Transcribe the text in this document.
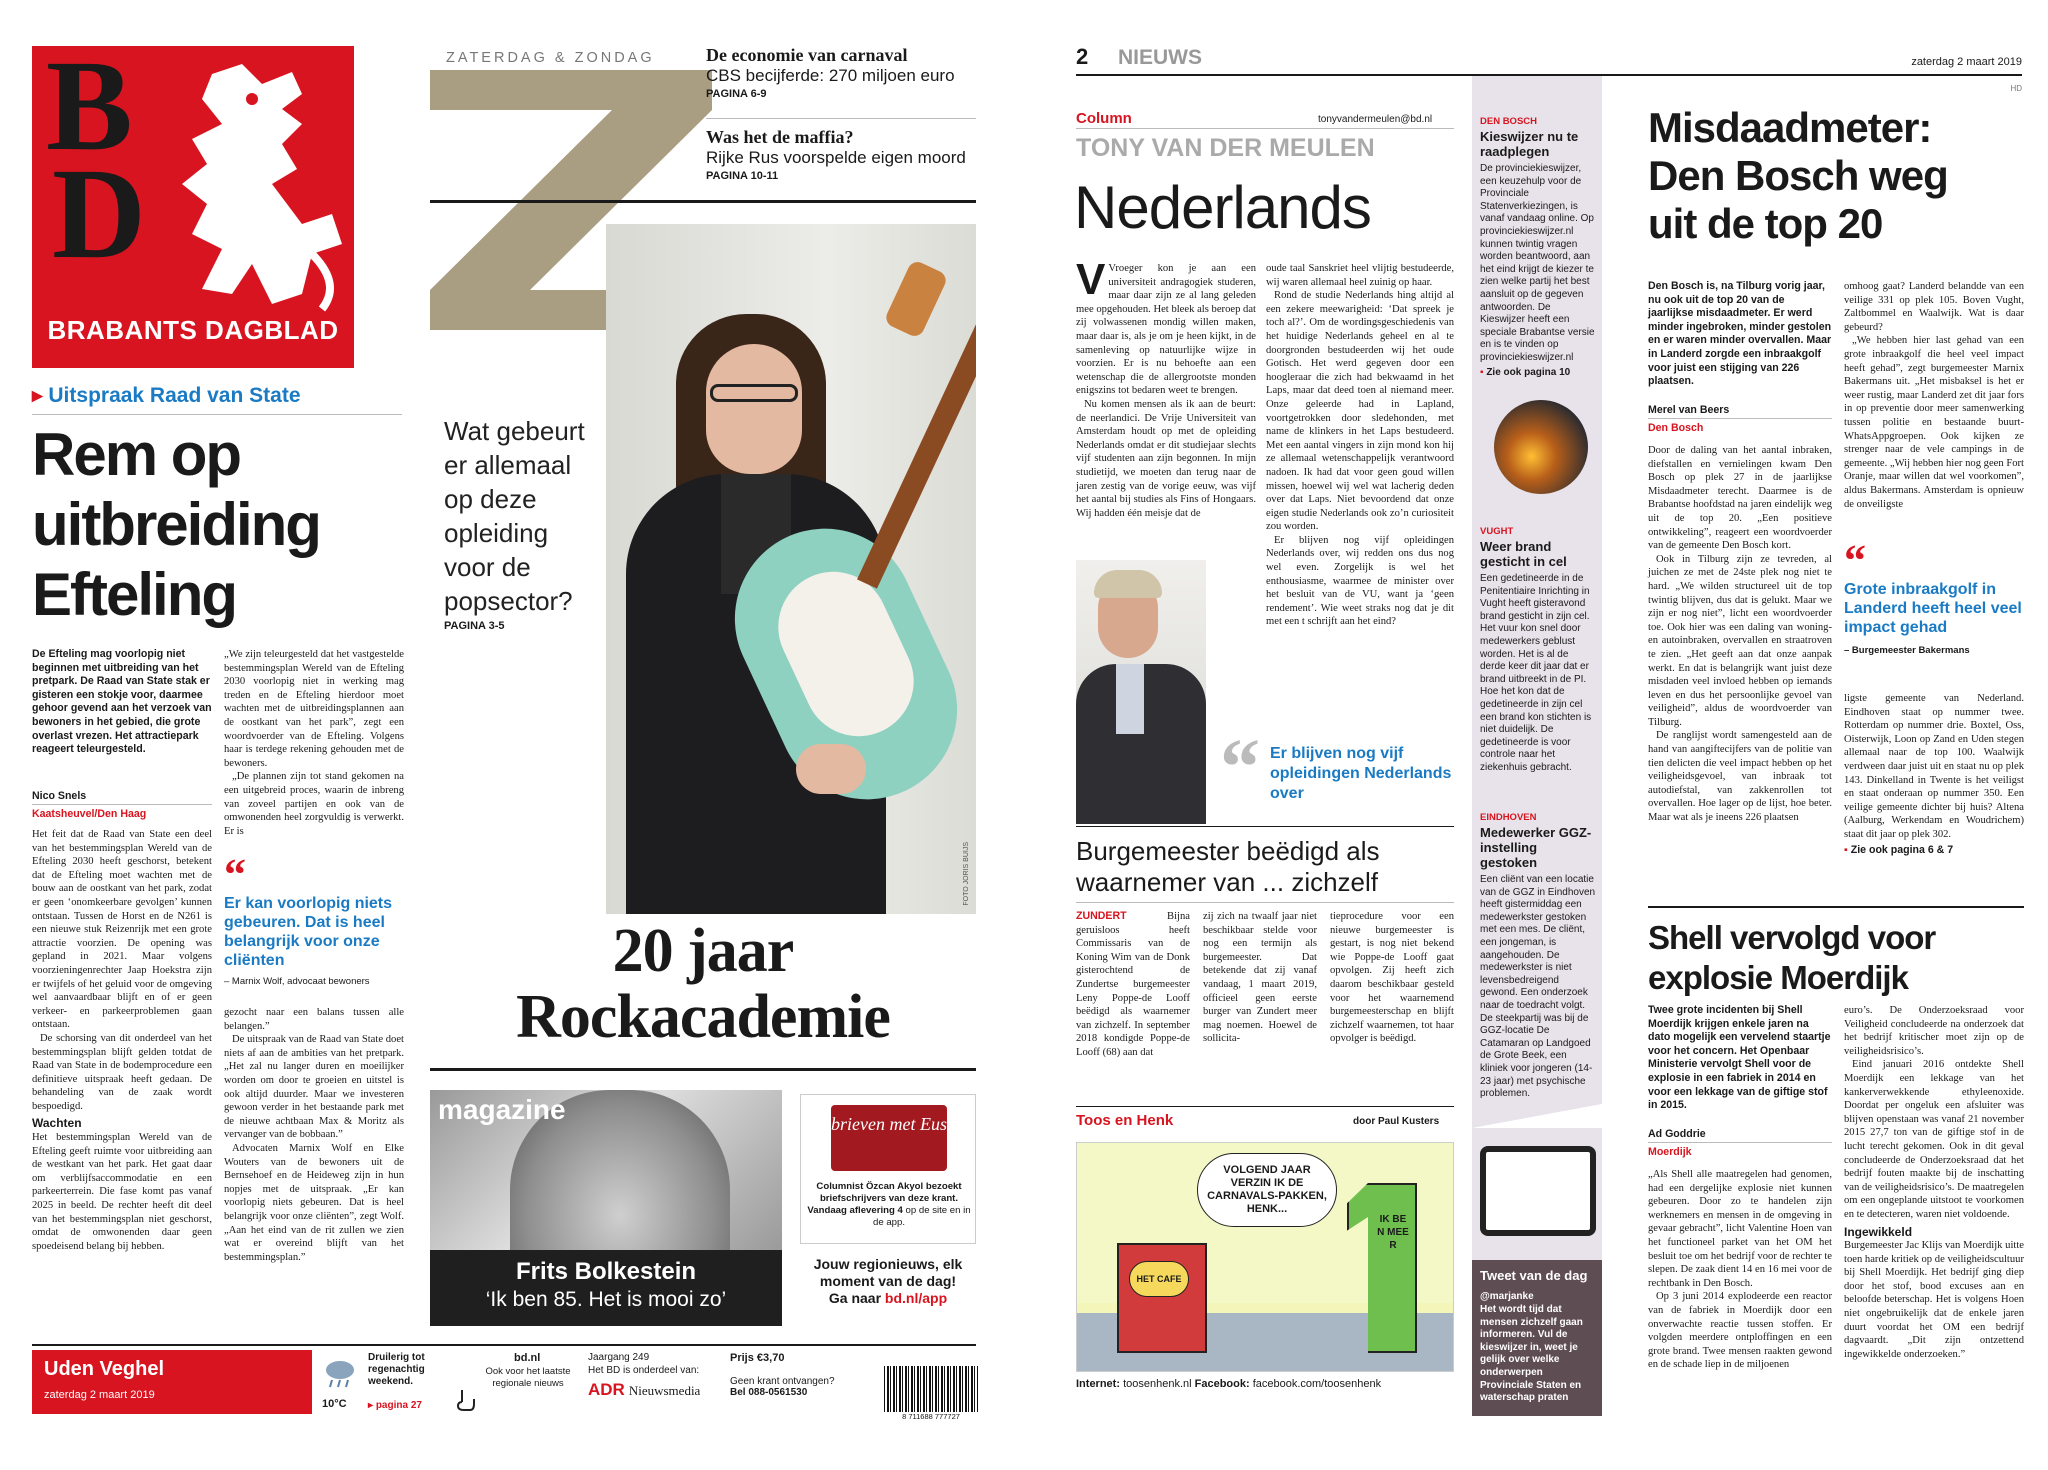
B
D
BRABANTS DAGBLAD
ZATERDAG & ZONDAG	De economie van carnaval
CBS becijferde: 270 miljoen euro
PAGINA 6-9
Was het de maffia?
Rijke Rus voorspelde eigen moord
PAGINA 10-11
▸ Uitspraak Raad van State
Rem op
uitbreiding
Efteling
De Efteling mag voorlopig niet beginnen met uitbreiding van het pretpark. De Raad van State stak er gisteren een stokje voor, daarmee gehoor gevend aan het verzoek van bewoners in het gebied, die grote overlast vrezen. Het attractiepark reageert teleurgesteld.
Nico Snels
Kaatsheuvel/Den Haag

Het feit dat de Raad van State een deel van het bestemmingsplan Wereld van de Efteling 2030 heeft geschorst, betekent dat de Efteling moet wachten met de bouw aan de oostkant van het park, zodat er geen ‘onomkeerbare gevolgen’ kunnen ontstaan. Tussen de Horst en de N261 is een nieuwe stuk Reizenrijk met een grote attractie voorzien. De opening was gepland in 2021. Maar volgens voorzieningenrechter Jaap Hoekstra zijn er twijfels of het geluid voor de omgeving wel aanvaardbaar blijft en of er geen verkeer- en parkeerproblemen gaan ontstaan.

De schorsing van dit onderdeel van het bestemmingsplan blijft gelden totdat de Raad van State in de bodemprocedure een definitieve uitspraak heeft gedaan. De behandeling van de zaak wordt bespoedigd.

Wachten

Het bestemmingsplan Wereld van de Efteling geeft ruimte voor uitbreiding aan de westkant van het park. Het gaat daar om verblijfsaccommodatie en een parkeerterrein. Die fase komt pas vanaf 2025 in beeld. De rechter heeft dit deel van het bestemmingsplan niet geschorst, omdat de omwonenden daar geen spoedeisend belang bij hebben.

„We zijn teleurgesteld dat het vastgestelde bestemmingsplan Wereld van de Efteling 2030 voorlopig niet in werking mag treden en de Efteling hierdoor moet wachten met de uitbreidingsplannen aan de oostkant van het park”, zegt een woordvoerder van de Efteling. Volgens haar is terdege rekening gehouden met de bewoners.

„De plannen zijn tot stand gekomen na een uitgebreid proces, waarin de inbreng van zoveel partijen en ook van de omwonenden heel zorgvuldig is verwerkt. Er is

“
Er kan voorlopig niets gebeuren. Dat is heel belangrijk voor onze cliënten
– Marnix Wolf, advocaat bewoners

gezocht naar een balans tussen alle belangen.”

De uitspraak van de Raad van State doet niets af aan de ambities van het pretpark. „Het zal nu langer duren en moeilijker worden om door te groeien en uitstel is ook altijd duurder. Maar we investeren gewoon verder in het bestaande park met de nieuwe achtbaan Max & Moritz als vervanger van de bobbaan.”

Advocaten Marnix Wolf en Elke Wouters van de bewoners uit de Bernsehoef en de Heideweg zijn in hun nopjes met de uitspraak. „Er kan voorlopig niets gebeuren. Dat is heel belangrijk voor onze cliënten”, zegt Wolf. „Aan het eind van de rit zullen we zien wat er overeind blijft van het bestemmingsplan.”

FOTO JORIS BUIJS
Wat gebeurt er allemaal op deze opleiding voor de popsector?
PAGINA 3-5
20 jaar
Rockacademie
magazine
Frits Bolkestein
‘Ik ben 85. Het is mooi zo’
brieven met Eus
Columnist Özcan Akyol bezoekt briefschrijvers van deze krant. Vandaag aflevering 4 op de site en in de app.
Jouw regionieuws, elk moment van de dag!
Ga naar bd.nl/app
Uden Veghel
zaterdag 2 maart 2019
10°C
Druilerig tot regenachtig weekend.
▸ pagina 27
bd.nl
Ook voor het laatste regionale nieuws
Jaargang 249
Het BD is onderdeel van:
ADR Nieuwsmedia
Prijs €3,70
Geen krant ontvangen?
Bel 088-0561530
8 711688 777727
2 NIEUWS	zaterdag 2 maart 2019
HD
Column	tonyvandermeulen@bd.nl
TONY VAN DER MEULEN
Nederlands

V Vroeger kon je aan een universiteit andragogiek studeren, maar daar zijn ze al lang geleden mee opgehouden. Het bleek als beroep dat zij volwassenen mondig willen maken, maar daar is, als je om je heen kijkt, in de samenleving op natuurlijke wijze in voorzien. Er is nu behoefte aan een wetenschap die de allergrootste monden enigszins tot bedaren weet te brengen.

Nu komen mensen als ik aan de beurt: de neerlandici. De Vrije Universiteit van Amsterdam houdt op met de opleiding Nederlands omdat er dit studiejaar slechts vijf studenten aan zijn begonnen. In mijn studietijd, we moeten dan terug naar de jaren zestig van de vorige eeuw, was vijf het aantal bij studies als Fins of Hongaars. Wij hadden één meisje dat de

oude taal Sanskriet heel vlijtig bestudeerde, wij waren allemaal heel zuinig op haar.

Rond de studie Nederlands hing altijd al een zekere meewarigheid: ‘Dat spreek je toch al?’. Om de wordingsgeschiedenis van het huidige Nederlands geheel en al te doorgronden bestudeerden wij het oude Gotisch. Het werd gegeven door een hoogleraar die zich had bekwaamd in het Laps, maar dat deed toen al niemand meer. Onze geleerde had in Lapland, voortgetrokken door sledehonden, met name de klinkers in het Laps bestudeerd. Met een aantal vingers in zijn mond kon hij ze allemaal wetenschappelijk verantwoord nadoen. Ik had dat voor geen goud willen missen, hoewel wij wel wat lacherig deden over dat Laps. Niet bevoordend dat onze eigen studie Nederlands ook zo’n curiositeit zou worden.

Er blijven nog vijf opleidingen Nederlands over, wij redden ons dus nog wel even. Zorgelijk is wel het enthousiasme, waarmee de minister over het besluit van de VU, want ja ‘geen rendement’. Wie weet straks nog dat je dit met een t schrijft aan het eind?

“ Er blijven nog vijf opleidingen Nederlands over
Burgemeester beëdigd als waarnemer van ... zichzelf
ZUNDERT	Bijna geruisloos heeft Commissaris van de Koning Wim van de Donk gisterochtend de Zundertse burgemeester Leny Poppe-de Looff beëdigd als waarnemer van zichzelf. In september 2018 kondigde Poppe-de Looff (68) aan dat
zij zich na twaalf jaar niet beschikbaar stelde voor nog een termijn als burgemeester. Dat betekende dat zij vanaf vandaag, 1 maart 2019, officieel geen eerste burger van Zundert meer mag noemen. Hoewel de sollicita-
tieprocedure voor een nieuwe burgemeester is gestart, is nog niet bekend wie Poppe-de Looff gaat opvolgen. Zij heeft zich daarom beschikbaar gesteld voor het waarnemend burgemeesterschap en blijft zichzelf waarnemen, tot haar opvolger is beëdigd.
Toos en Henk	door Paul Kusters
VOLGEND JAAR VERZIN IK DE CARNAVALS-PAKKEN, HENK...
HET CAFE
IK BEN MEER
Internet: toosenhenk.nl Facebook: facebook.com/toosenhenk
DEN BOSCH
Kieswijzer nu te raadplegen
De provinciekieswijzer, een keuzehulp voor de Provinciale Statenverkiezingen, is vanaf vandaag online. Op provinciekieswijzer.nl kunnen twintig vragen worden beantwoord, aan het eind krijgt de kiezer te zien welke partij het best aansluit op de gegeven antwoorden. De Kieswijzer heeft een speciale Brabantse versie en is te vinden op provinciekieswijzer.nl
▪ Zie ook pagina 10
VUGHT
Weer brand gesticht in cel
Een gedetineerde in de Penitentiaire Inrichting in Vught heeft gisteravond brand gesticht in zijn cel. Het vuur kon snel door medewerkers geblust worden. Het is al de derde keer dit jaar dat er brand uitbreekt in de PI. Hoe het kon dat de gedetineerde in zijn cel een brand kon stichten is niet duidelijk. De gedetineerde is voor controle naar het ziekenhuis gebracht.
EINDHOVEN
Medewerker GGZ-instelling gestoken
Een cliënt van een locatie van de GGZ in Eindhoven heeft gistermiddag een medewerkster gestoken met een mes. De cliënt, een jongeman, is aangehouden. De medewerkster is niet levensbedreigend gewond. Een onderzoek naar de toedracht volgt. De steekpartij was bij de GGZ-locatie De Catamaran op Landgoed de Grote Beek, een kliniek voor jongeren (14-23 jaar) met psychische problemen.
Tweet van de dag
@marjanke
Het wordt tijd dat mensen zichzelf gaan informeren. Vul de kieswijzer in, weet je gelijk over welke onderwerpen Provinciale Staten en waterschap praten
Misdaadmeter:
Den Bosch weg
uit de top 20
Den Bosch is, na Tilburg vorig jaar, nu ook uit de top 20 van de jaarlijkse misdaadmeter. Er werd minder ingebroken, minder gestolen en er waren minder overvallen. Maar in Landerd zorgde een inbraakgolf voor juist een stijging van 226 plaatsen.
Merel van Beers
Den Bosch

Door de daling van het aantal inbraken, diefstallen en vernielingen kwam Den Bosch op plek 27 in de jaarlijkse Misdaadmeter terecht. Daarmee is de Brabantse hoofdstad na jaren eindelijk weg uit de top 20. „Een positieve ontwikkeling”, reageert een woordvoerder van de gemeente Den Bosch kort.

Ook in Tilburg zijn ze tevreden, al juichen ze met de 24ste plek nog niet te hard. „We wilden structureel uit de top twintig blijven, dus dat is gelukt. Maar we zijn er nog niet”, licht een woordvoerder toe. Ook hier was een daling van woning- en autoinbraken, overvallen en straatroven te zien. „Het geeft aan dat onze aanpak werkt. En dat is belangrijk want juist deze misdaden veel invloed hebben op iemands leven en dus het persoonlijke gevoel van veiligheid”, aldus de woordvoerder van Tilburg.

De ranglijst wordt samengesteld aan de hand van aangiftecijfers van de politie van tien delicten die veel impact hebben op het veiligheidsgevoel, van inbraak tot autodiefstal, van zakkenrollen tot overvallen. Hoe lager op de lijst, hoe beter. Maar wat als je ineens 226 plaatsen

omhoog gaat? Landerd belandde van een veilige 331 op plek 105. Boven Vught, Zaltbommel en Waalwijk. Wat is daar gebeurd?

„We hebben hier last gehad van een grote inbraakgolf die heel veel impact heeft gehad”, zegt burgemeester Marnix Bakermans uit. „Het misbaksel is het er weer rustig, maar Landerd zet dit jaar fors in op preventie door meer samenwerking tussen politie en bestaande buurt-WhatsAppgroepen. Ook kijken ze strenger naar de vele campings in de gemeente. „Wij hebben hier nog geen Fort Oranje, maar willen dat wel voorkomen”, aldus Bakermans. Amsterdam is opnieuw de onveiligste

“
Grote inbraakgolf in Landerd heeft heel veel impact gehad
– Burgemeester Bakermans

ligste gemeente van Nederland. Eindhoven staat op nummer twee. Rotterdam op nummer drie. Boxtel, Oss, Oisterwijk, Loon op Zand en Uden stegen allemaal naar de top 100. Waalwijk verdween daar juist uit en staat nu op plek 143. Dinkelland in Twente is het veiligst en staat onderaan op nummer 350. Een veilige gemeente dichter bij huis? Altena (Aalburg, Werkendam en Woudrichem) staat dit jaar op plek 302.

▪ Zie ook pagina 6 & 7
Shell vervolgd voor
explosie Moerdijk
Twee grote incidenten bij Shell Moerdijk krijgen enkele jaren na dato mogelijk een vervelend staartje voor het concern. Het Openbaar Ministerie vervolgt Shell voor de explosie in een fabriek in 2014 en voor een lekkage van de giftige stof in 2015.
Ad Goddrie
Moerdijk

„Als Shell alle maatregelen had genomen, had een dergelijke explosie niet kunnen gebeuren. Door zo te handelen zijn werknemers en mensen in de omgeving in gevaar gebracht”, licht Valentine Hoen van het functioneel parket van het OM het besluit toe om het bedrijf voor de rechter te slepen. De zaak dient 14 en 16 mei voor de rechtbank in Den Bosch.

Op 3 juni 2014 explodeerde een reactor van de fabriek in Moerdijk door een onverwachte reactie tussen stoffen. Er volgden meerdere ontploffingen en een grote brand. Twee mensen raakten gewond en de schade liep in de miljoenen

euro’s. De Onderzoeksraad voor Veiligheid concludeerde na onderzoek dat het bedrijf kritischer moet zijn op de veiligheidsrisico’s.

Eind januari 2016 ontdekte Shell Moerdijk een lekkage van het kankerverwekkende ethyleenoxide. Doordat per ongeluk een afsluiter was blijven openstaan was vanaf 21 november 2015 27,7 ton van de giftige stof in de lucht terecht gekomen. Ook in dit geval concludeerde de Onderzoeksraad dat het bedrijf fouten maakte bij de inschatting van de veiligheidsrisico’s. De maatregelen om een ongeplande uitstoot te voorkomen en te detecteren, waren niet voldoende.

Ingewikkeld

Burgemeester Jac Klijs van Moerdijk uitte toen harde kritiek op de veiligheidscultuur bij Shell Moerdijk. Het bedrijf ging diep door het stof, bood excuses aan en beloofde beterschap. Het is volgens Hoen niet ongebruikelijk dat de enkele jaren duurt voordat het OM een bedrijf dagvaardt. „Dit zijn ontzettend ingewikkelde onderzoeken.”
